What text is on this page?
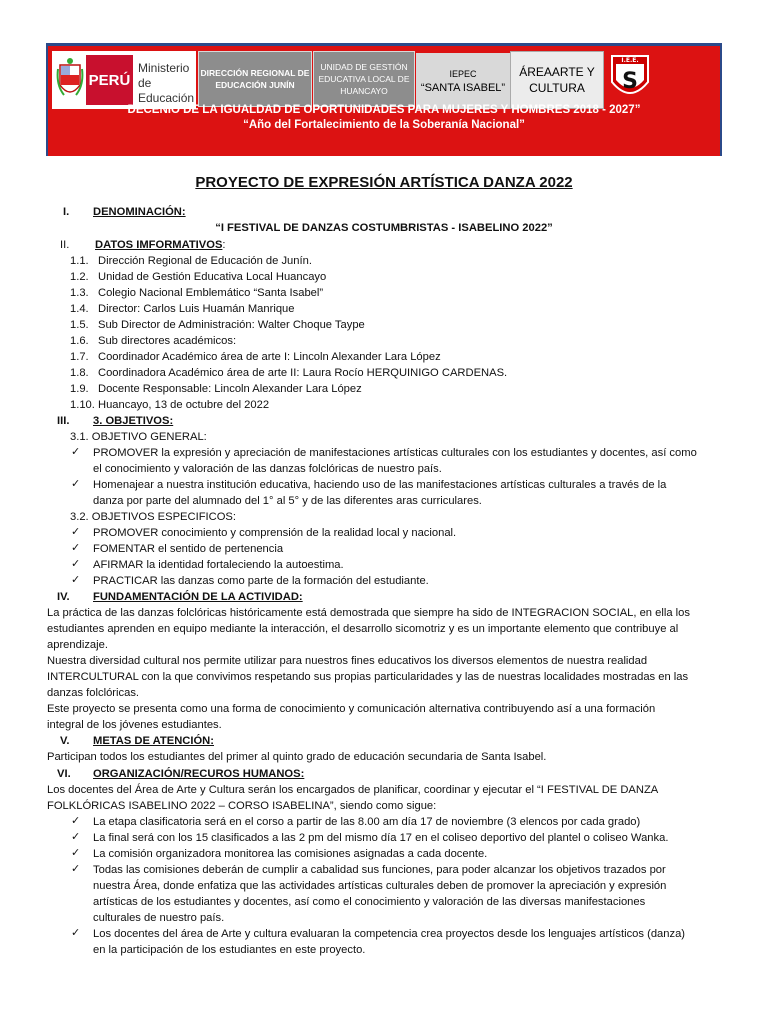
PERÚ
Ministerio de Educación
DIRECCIÓN REGIONAL DE EDUCACIÓN JUNÍN
UNIDAD DE GESTIÓN EDUCATIVA LOCAL DE HUANCAYO
IEPEC
“SANTA ISABEL”
ÁREAARTE Y CULTURA
I.E.E.
S
DECENIO DE LA IGUALDAD DE OPORTUNIDADES PARA MUJERES Y HOMBRES 2018 - 2027”
“Año del Fortalecimiento de la Soberanía Nacional”
PROYECTO DE EXPRESIÓN ARTÍSTICA DANZA 2022
I. DENOMINACIÓN:
“I FESTIVAL DE DANZAS COSTUMBRISTAS - ISABELINO 2022”
II. DATOS IMFORMATIVOS:
1.1. Dirección Regional de Educación de Junín.
1.2. Unidad de Gestión Educativa Local Huancayo
1.3. Colegio Nacional Emblemático “Santa Isabel”
1.4. Director: Carlos Luis Huamán Manrique
1.5. Sub Director de Administración: Walter Choque Taype
1.6. Sub directores académicos:
1.7. Coordinador Académico área de arte I: Lincoln Alexander Lara López
1.8. Coordinadora Académico área de arte II: Laura Rocío HERQUINIGO CARDENAS.
1.9. Docente Responsable: Lincoln Alexander Lara López
1.10. Huancayo, 13 de octubre del 2022
III. 3. OBJETIVOS:
3.1. OBJETIVO GENERAL:
✓ PROMOVER la expresión y apreciación de manifestaciones artísticas culturales con los estudiantes y docentes, así como
el conocimiento y valoración de las danzas folclóricas de nuestro país.
✓ Homenajear a nuestra institución educativa, haciendo uso de las manifestaciones artísticas culturales a través de la
danza por parte del alumnado del 1° al 5° y de las diferentes aras curriculares.
3.2. OBJETIVOS ESPECIFICOS:
✓ PROMOVER conocimiento y comprensión de la realidad local y nacional.
✓ FOMENTAR el sentido de pertenencia
✓ AFIRMAR la identidad fortaleciendo la autoestima.
✓ PRACTICAR las danzas como parte de la formación del estudiante.
IV. FUNDAMENTACIÓN DE LA ACTIVIDAD:
La práctica de las danzas folclóricas históricamente está demostrada que siempre ha sido de INTEGRACION SOCIAL, en ella los
estudiantes aprenden en equipo mediante la interacción, el desarrollo sicomotriz y es un importante elemento que contribuye al
aprendizaje.
Nuestra diversidad cultural nos permite utilizar para nuestros fines educativos los diversos elementos de nuestra realidad
INTERCULTURAL con la que convivimos respetando sus propias particularidades y las de nuestras localidades mostradas en las
danzas folclóricas.
Este proyecto se presenta como una forma de conocimiento y comunicación alternativa contribuyendo así a una formación
integral de los jóvenes estudiantes.
V. METAS DE ATENCIÓN:
Participan todos los estudiantes del primer al quinto grado de educación secundaria de Santa Isabel.
VI. ORGANIZACIÓN/RECUROS HUMANOS:
Los docentes del Área de Arte y Cultura serán los encargados de planificar, coordinar y ejecutar el “I FESTIVAL DE DANZA
FOLKLÓRICAS ISABELINO 2022 – CORSO ISABELINA”, siendo como sigue:
✓ La etapa clasificatoria será en el corso a partir de las 8.00 am día 17 de noviembre (3 elencos por cada grado)
✓ La final será con los 15 clasificados a las 2 pm del mismo día 17 en el coliseo deportivo del plantel o coliseo Wanka.
✓ La comisión organizadora monitorea las comisiones asignadas a cada docente.
✓ Todas las comisiones deberán de cumplir a cabalidad sus funciones, para poder alcanzar los objetivos trazados por
nuestra Área, donde enfatiza que las actividades artísticas culturales deben de promover la apreciación y expresión
artísticas de los estudiantes y docentes, así como el conocimiento y valoración de las diversas manifestaciones
culturales de nuestro país.
✓ Los docentes del área de Arte y cultura evaluaran la competencia crea proyectos desde los lenguajes artísticos (danza)
en la participación de los estudiantes en este proyecto.
